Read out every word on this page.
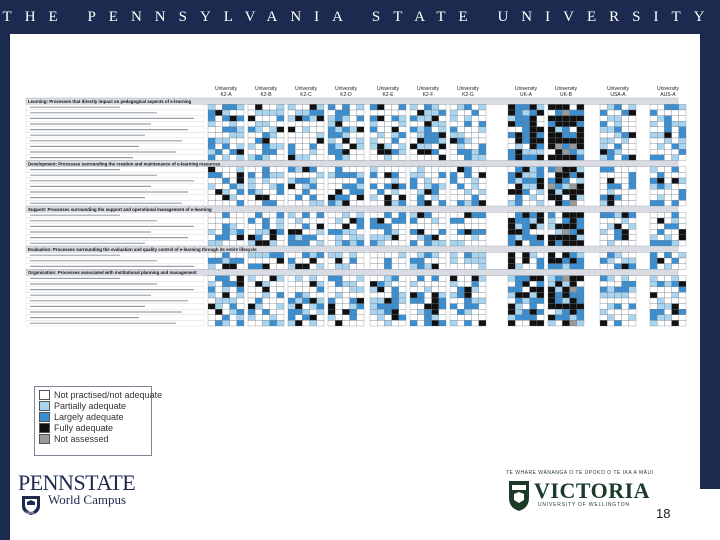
THE PENNSYLVANIA STATE UNIVERSITY
University K2-A
University K2-B
University K2-C
University K2-D
University K2-E
University K2-F
University K2-G
University UK-A
University UK-B
University USA-A
University AUS-A
Learning: Processes that directly impact on pedagogical aspects of e-learning
Development: Processes surrounding the creation and maintenance of e-learning resources
Support: Processes surrounding the support and operational management of e-learning
Evaluation: Processes surrounding the evaluation and quality control of e-learning through its entire lifecycle
Organisation: Processes associated with institutional planning and management
Not practised/not adequate
Partially adequate
Largely adequate
Fully adequate
Not assessed
PENNSTATE
World Campus
1855
TE WHARE WĀNANGA O TE ŪPOKO O TE IKA A MĀUI
VICTORIA
UNIVERSITY OF WELLINGTON
18
